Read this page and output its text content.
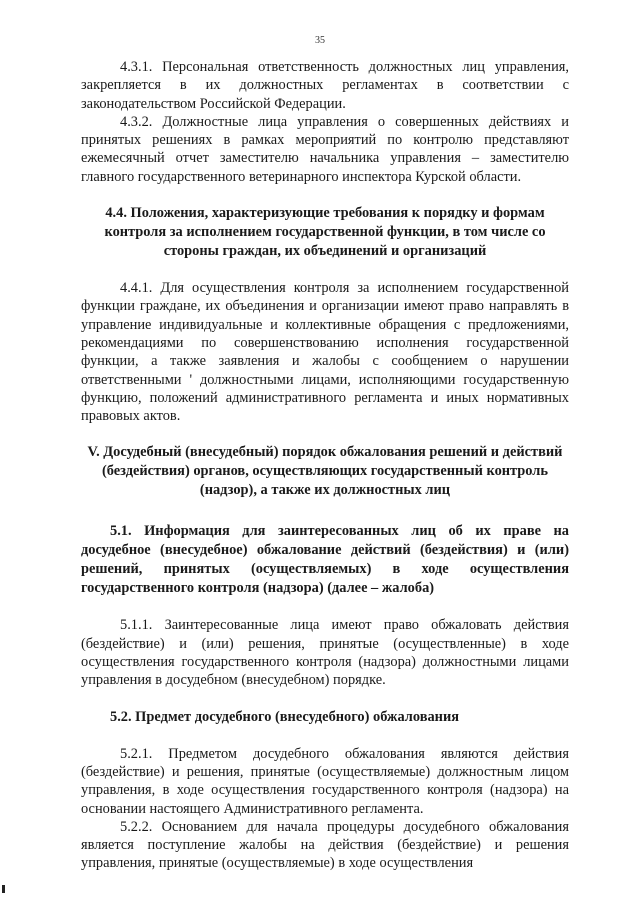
35

4.3.1. Персональная ответственность должностных лиц управления, закрепляется в их должностных регламентах в соответствии с законодательством Российской Федерации.

4.3.2. Должностные лица управления о совершенных действиях и принятых решениях в рамках мероприятий по контролю представляют ежемесячный отчет заместителю начальника управления – заместителю главного государственного ветеринарного инспектора Курской области.

4.4. Положения, характеризующие требования к порядку и формам контроля за исполнением государственной функции, в том числе со стороны граждан, их объединений и организаций

4.4.1. Для осуществления контроля за исполнением государственной функции граждане, их объединения и организации имеют право направлять в управление индивидуальные и коллективные обращения с предложениями, рекомендациями по совершенствованию исполнения государственной функции, а также заявления и жалобы с сообщением о нарушении ответственными ' должностными лицами, исполняющими государственную функцию, положений административного регламента и иных нормативных правовых актов.

V. Досудебный (внесудебный) порядок обжалования решений и действий (бездействия) органов, осуществляющих государственный контроль (надзор), а также их должностных лиц
5.1. Информация для заинтересованных лиц об их праве на досудебное (внесудебное) обжалование действий (бездействия) и (или) решений, принятых (осуществляемых) в ходе осуществления государственного контроля (надзора) (далее – жалоба)

5.1.1. Заинтересованные лица имеют право обжаловать действия (бездействие) и (или) решения, принятые (осуществленные) в ходе осуществления государственного контроля (надзора) должностными лицами управления в досудебном (внесудебном) порядке.

5.2. Предмет досудебного (внесудебного) обжалования

5.2.1. Предметом досудебного обжалования являются действия (бездействие) и решения, принятые (осуществляемые) должностным лицом управления, в ходе осуществления государственного контроля (надзора) на основании настоящего Административного регламента.

5.2.2. Основанием для начала процедуры досудебного обжалования является поступление жалобы на действия (бездействие) и решения управления, принятые (осуществляемые) в ходе осуществления
